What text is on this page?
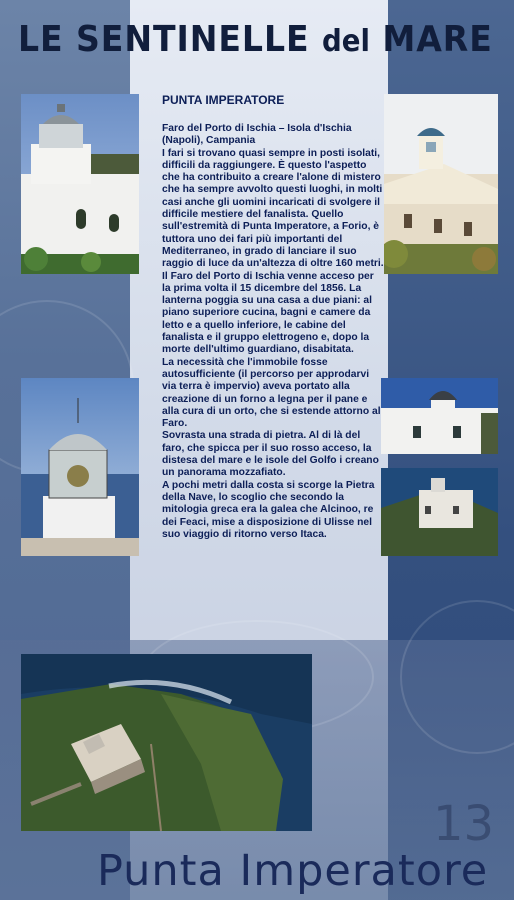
LE SENTINELLE del MARE
PUNTA IMPERATORE

Faro del Porto di Ischia – Isola d'Ischia (Napoli), Campania
I fari si trovano quasi sempre in posti isolati, difficili da raggiungere. È questo l'aspetto che ha contribuito a creare l'alone di mistero che ha sempre avvolto questi luoghi, in molti casi anche gli uomini incaricati di svolgere il difficile mestiere del fanalista. Quello sull'estremità di Punta Imperatore, a Forio, è tuttora uno dei fari più importanti del Mediterraneo, in grado di lanciare il suo raggio di luce da un'altezza di oltre 160 metri. Il Faro del Porto di Ischia venne acceso per la prima volta il 15 dicembre del 1856. La lanterna poggia su una casa a due piani: al piano superiore cucina, bagni e camere da letto e a quello inferiore, le cabine del fanalista e il gruppo elettrogeno e, dopo la morte dell'ultimo guardiano, disabitata.

La necessità che l'immobile fosse autosufficiente (il percorso per approdarvi via terra è impervio) aveva portato alla creazione di un forno a legna per il pane e alla cura di un orto, che si estende attorno al Faro.

Sovrasta una strada di pietra. Al di là del faro, che spicca per il suo rosso acceso, la distesa del mare e le isole del Golfo i creano un panorama mozzafiato.

A pochi metri dalla costa si scorge la Pietra della Nave, lo scoglio che secondo la mitologia greca era la galea che Alcinoo, re dei Feaci, mise a disposizione di Ulisse nel suo viaggio di ritorno verso Itaca.

13
Punta Imperatore
